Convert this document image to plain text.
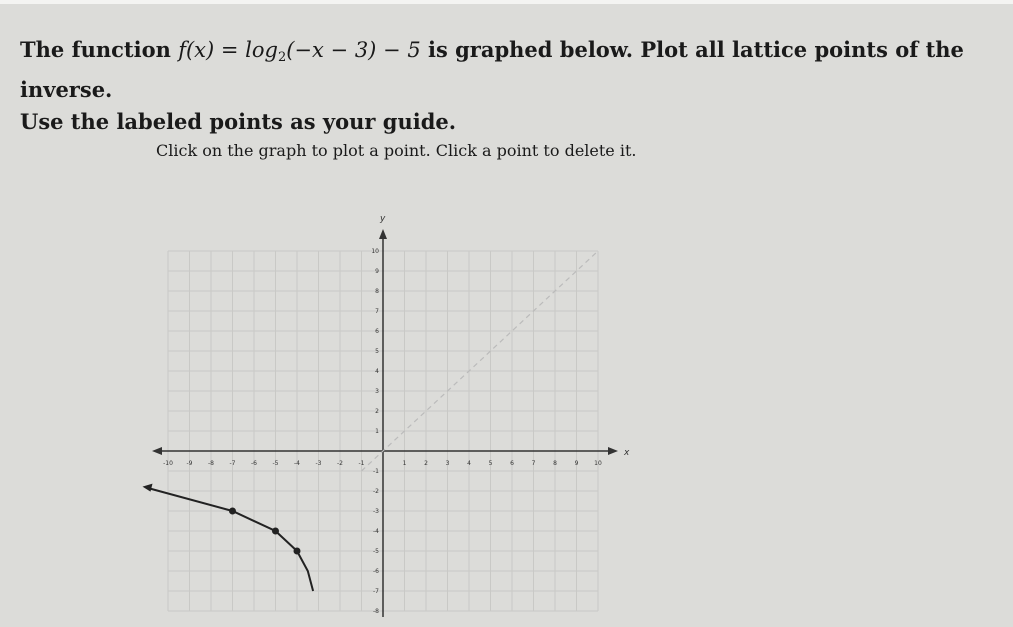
The function $f(x) = \log_2(-x - 3) - 5$ is graphed below. Plot all lattice points of the inverse.
Use the labeled points as your guide.
Click on the graph to plot a point. Click a point to delete it.
x
y
-10 -9	-8	-7	-6	-5	-4	-3	-2	-1	1	2	3	4	5	6	7	8	9	10
-8
-7
-6
-5
-4
-3
-2
-1
1
2
3
4
5
6
7
8
9
10
